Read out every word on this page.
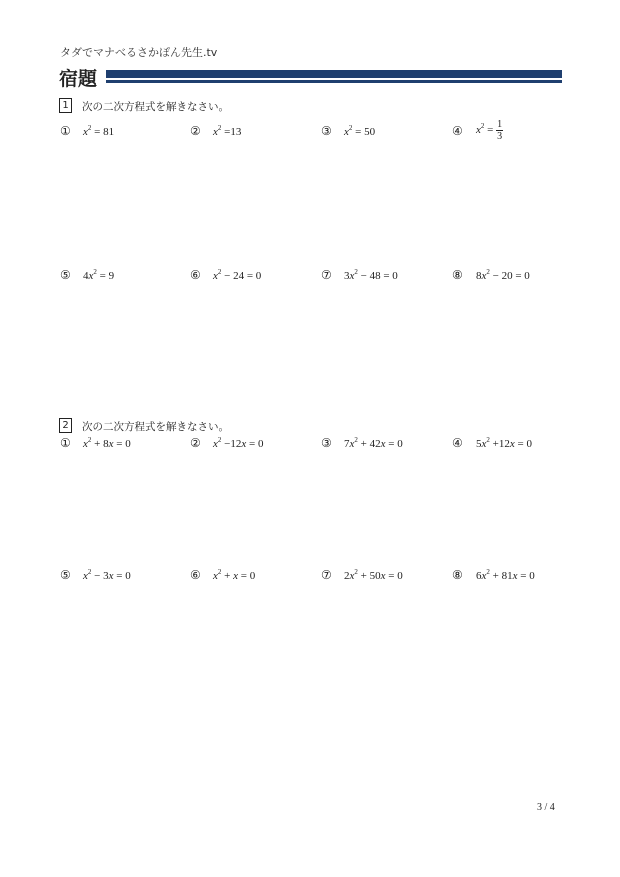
タダでマナべるさかぽん先生.tv
宿題
1	次の二次方程式を解きなさい。
① $x^2 = 81$	② $x^2 =13$	③ $x^2 = 50$	④ $x^2 = \frac{1}{3}$
⑤ $4x^2 = 9$	⑥ $x^2 - 24 = 0$	⑦ $3x^2 - 48 = 0$	⑧ $8x^2 - 20 = 0$
2	次の二次方程式を解きなさい。
① $x^2 + 8x = 0$	② $x^2 -12x = 0$	③ $7x^2 + 42x = 0$	④ $5x^2 +12x = 0$
⑤ $x^2 - 3x = 0$	⑥ $x^2 + x = 0$	⑦ $2x^2 + 50x = 0$	⑧ $6x^2 + 81x = 0$
3 / 4
